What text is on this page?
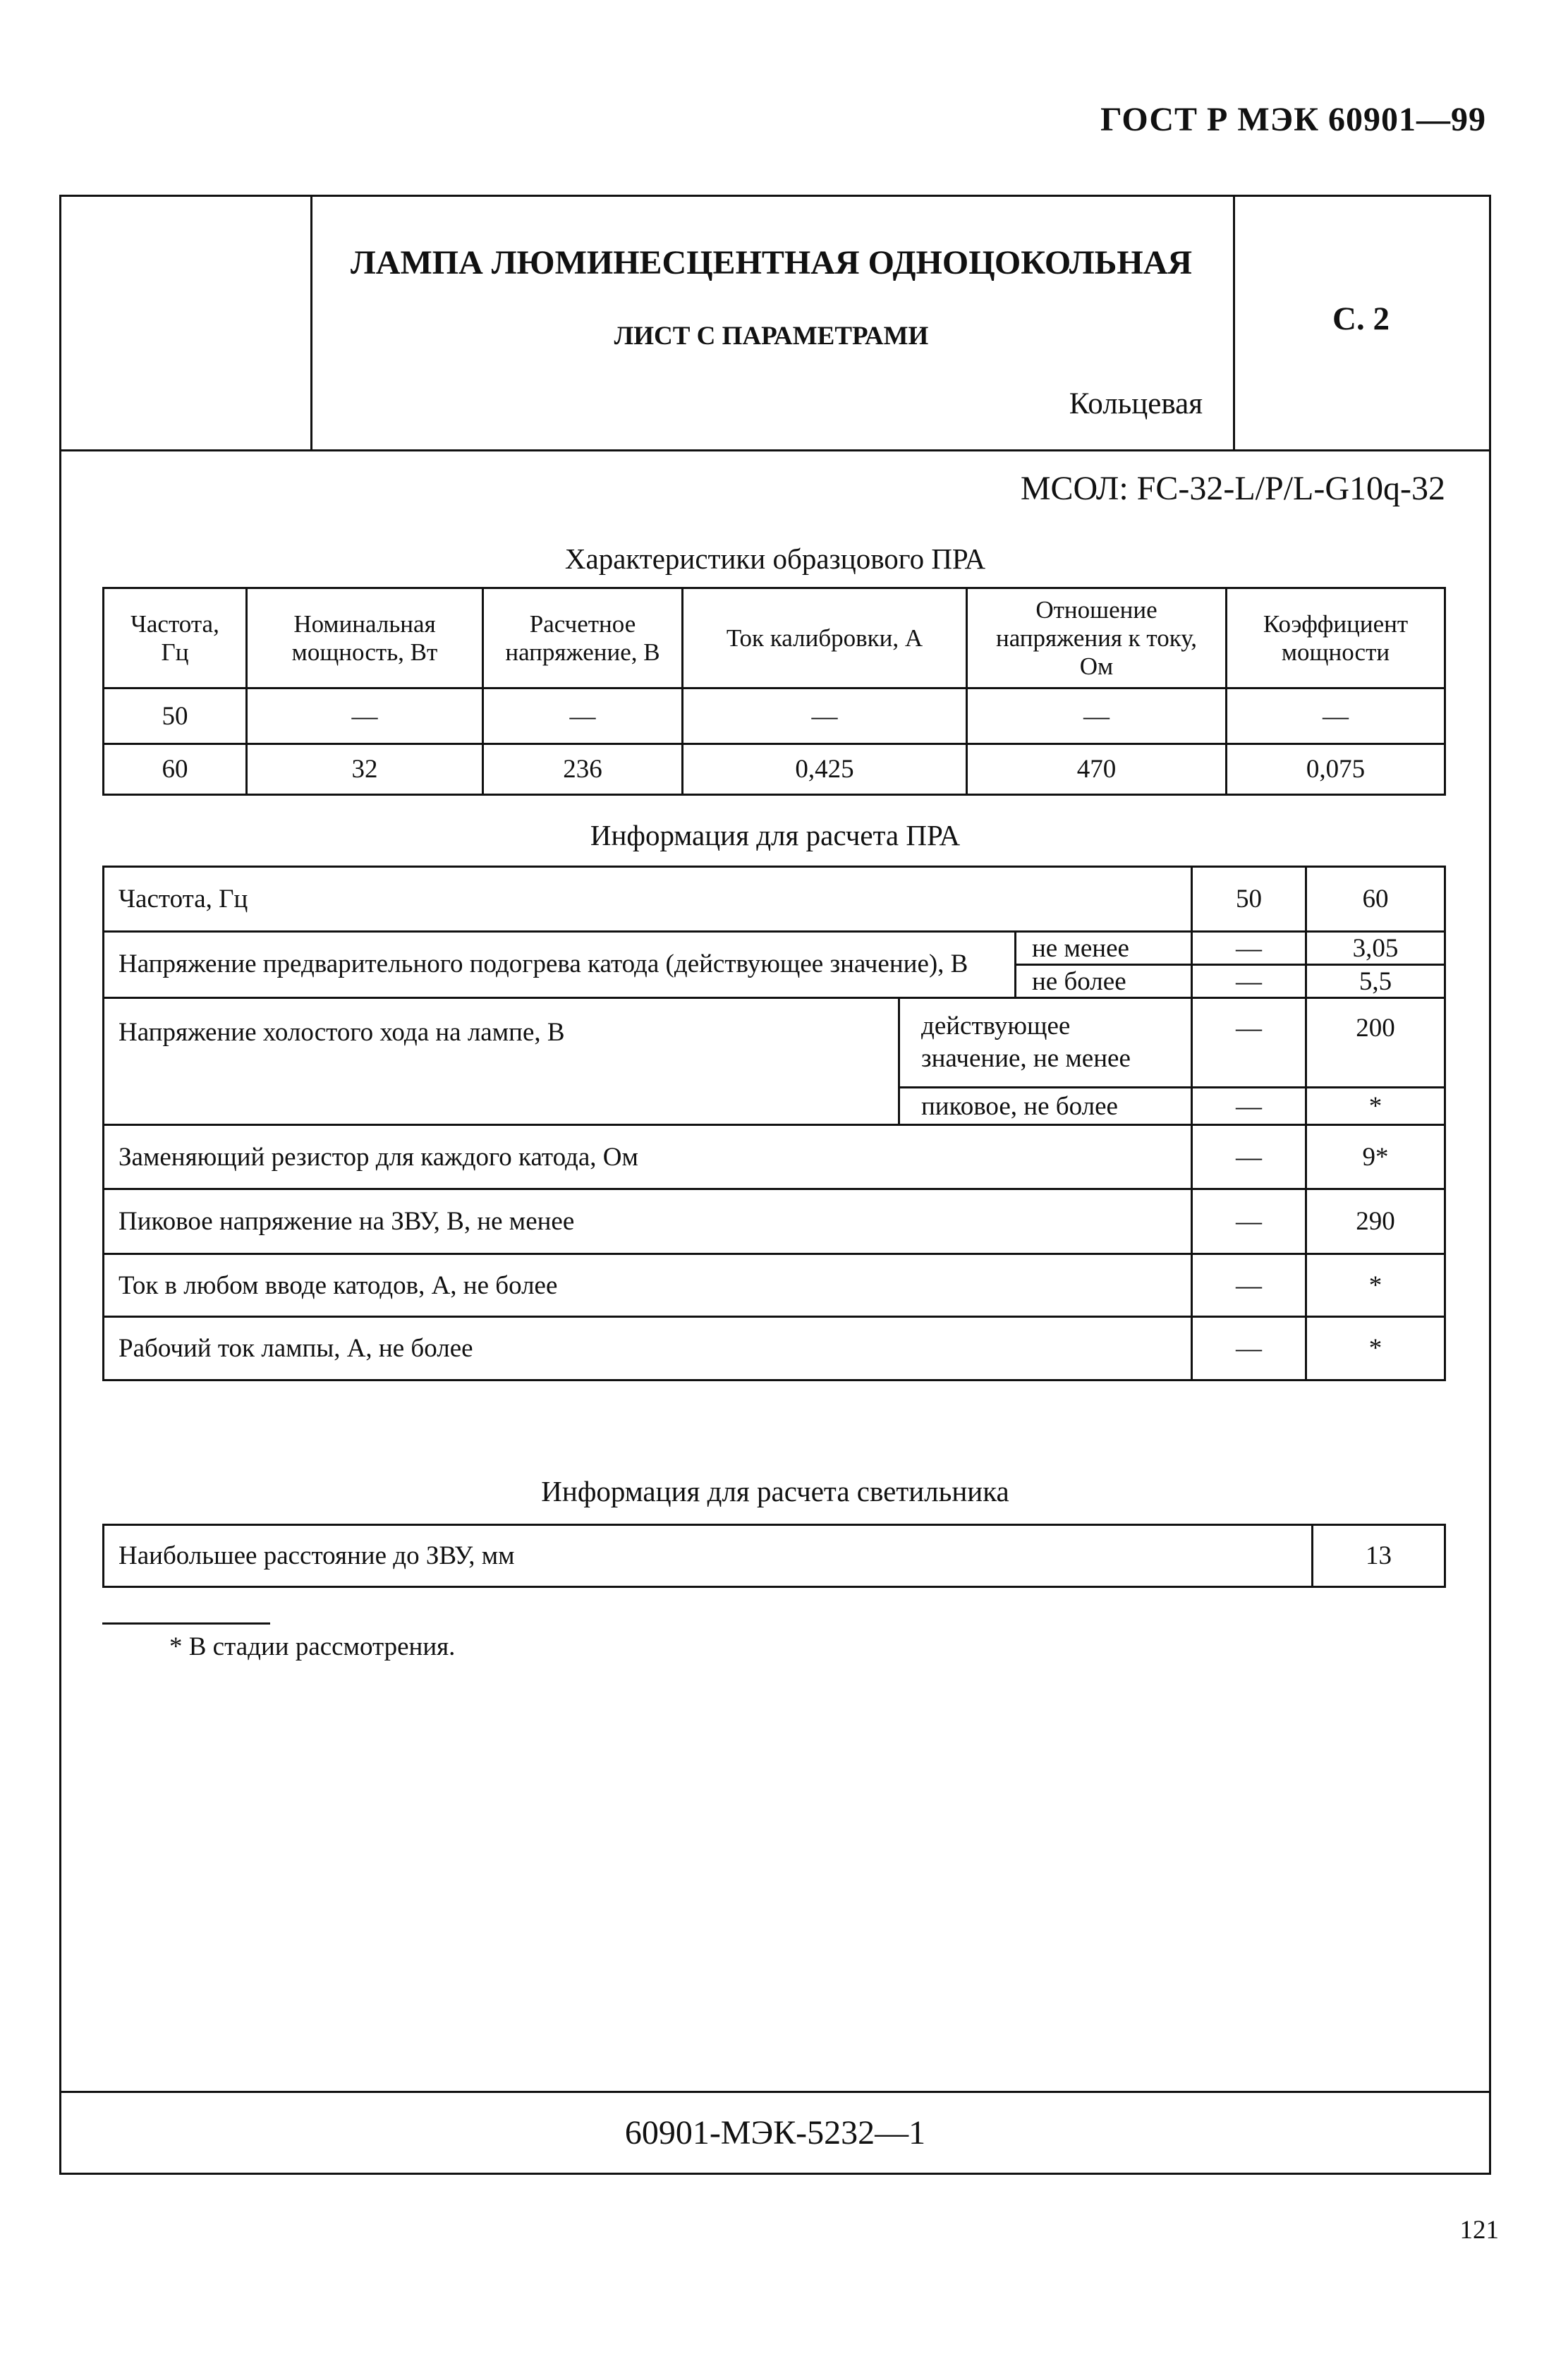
ГОСТ Р МЭК 60901—99
ЛАМПА ЛЮМИНЕСЦЕНТНАЯ ОДНОЦОКОЛЬНАЯ
ЛИСТ С ПАРАМЕТРАМИ
Кольцевая
С. 2
МСОЛ: FC-32-L/P/L-G10q-32
Характеристики образцового ПРА
Частота, Гц	Номинальная мощность, Вт	Расчетное напряжение, В	Ток калибровки, А	Отношение напряжения к току, Ом	Коэффициент мощности
50	—	—	—	—	—
60	32	236	0,425	470	0,075
Информация для расчета ПРА
Частота, Гц			50	60
Напряжение предварительного подогрева катода (действующее значение), В		не менее	—	3,05
		не более	—	5,5
Напряжение холостого хода на лампе, В	действующее значение, не менее		—	200
	пиковое, не более		—	*
Заменяющий резистор для каждого катода, Ом			—	9*
Пиковое напряжение на ЗВУ, В, не менее			—	290
Ток в любом вводе катодов, А, не более			—	*
Рабочий ток лампы, А, не более			—	*
Информация для расчета светильника
Наибольшее расстояние до ЗВУ, мм	13
* В стадии рассмотрения.
60901-МЭК-5232—1
121
